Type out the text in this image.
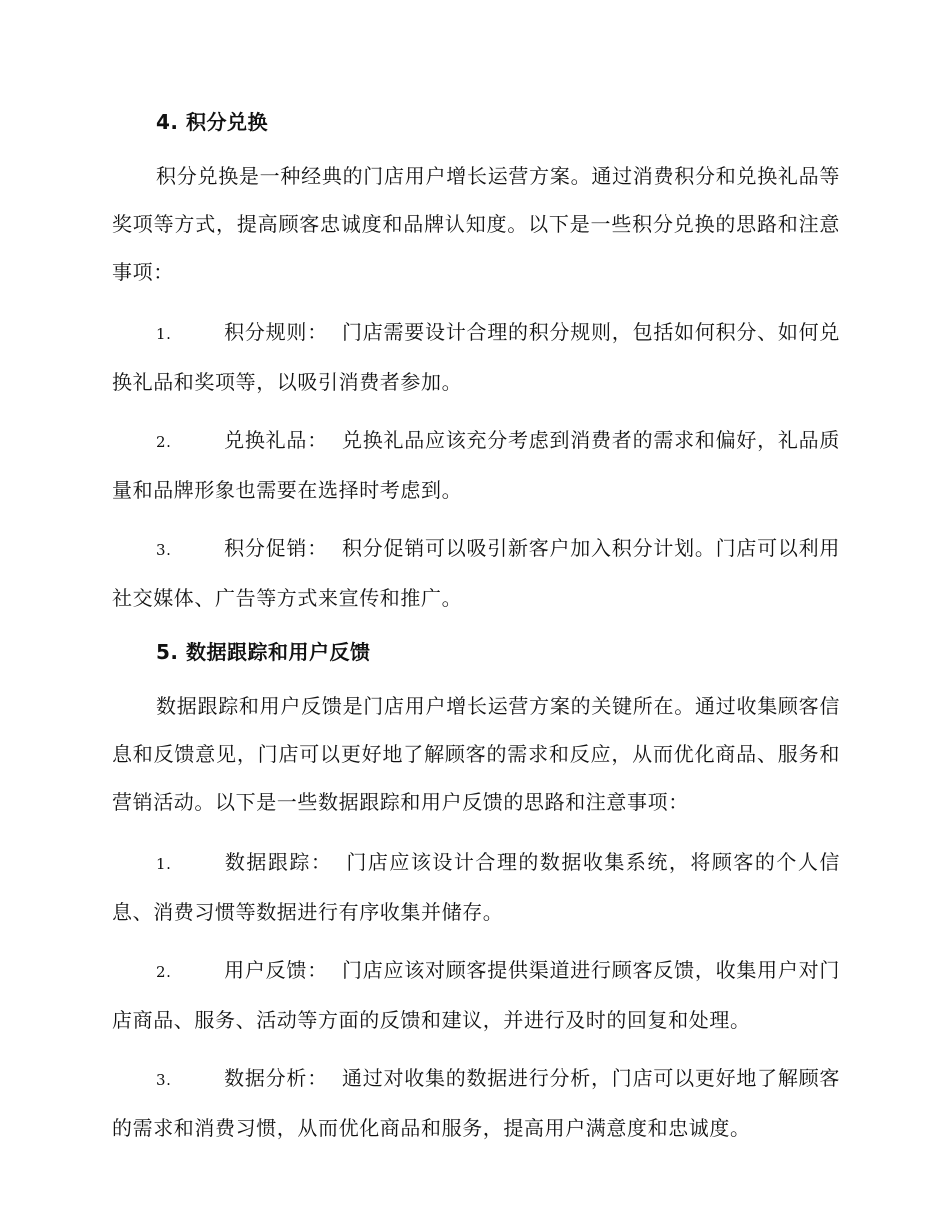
4. 积分兑换

积分兑换是一种经典的门店用户增长运营方案。通过消费积分和兑换礼品等奖项等方式，提高顾客忠诚度和品牌认知度。以下是一些积分兑换的思路和注意事项：

1.	积分规则： 门店需要设计合理的积分规则，包括如何积分、如何兑换礼品和奖项等，以吸引消费者参加。

2.	兑换礼品： 兑换礼品应该充分考虑到消费者的需求和偏好，礼品质量和品牌形象也需要在选择时考虑到。

3.	积分促销： 积分促销可以吸引新客户加入积分计划。门店可以利用社交媒体、广告等方式来宣传和推广。

5. 数据跟踪和用户反馈

数据跟踪和用户反馈是门店用户增长运营方案的关键所在。通过收集顾客信息和反馈意见，门店可以更好地了解顾客的需求和反应，从而优化商品、服务和营销活动。以下是一些数据跟踪和用户反馈的思路和注意事项：

1.	数据跟踪： 门店应该设计合理的数据收集系统，将顾客的个人信息、消费习惯等数据进行有序收集并储存。

2.	用户反馈： 门店应该对顾客提供渠道进行顾客反馈，收集用户对门店商品、服务、活动等方面的反馈和建议，并进行及时的回复和处理。

3.	数据分析： 通过对收集的数据进行分析，门店可以更好地了解顾客的需求和消费习惯，从而优化商品和服务，提高用户满意度和忠诚度。
